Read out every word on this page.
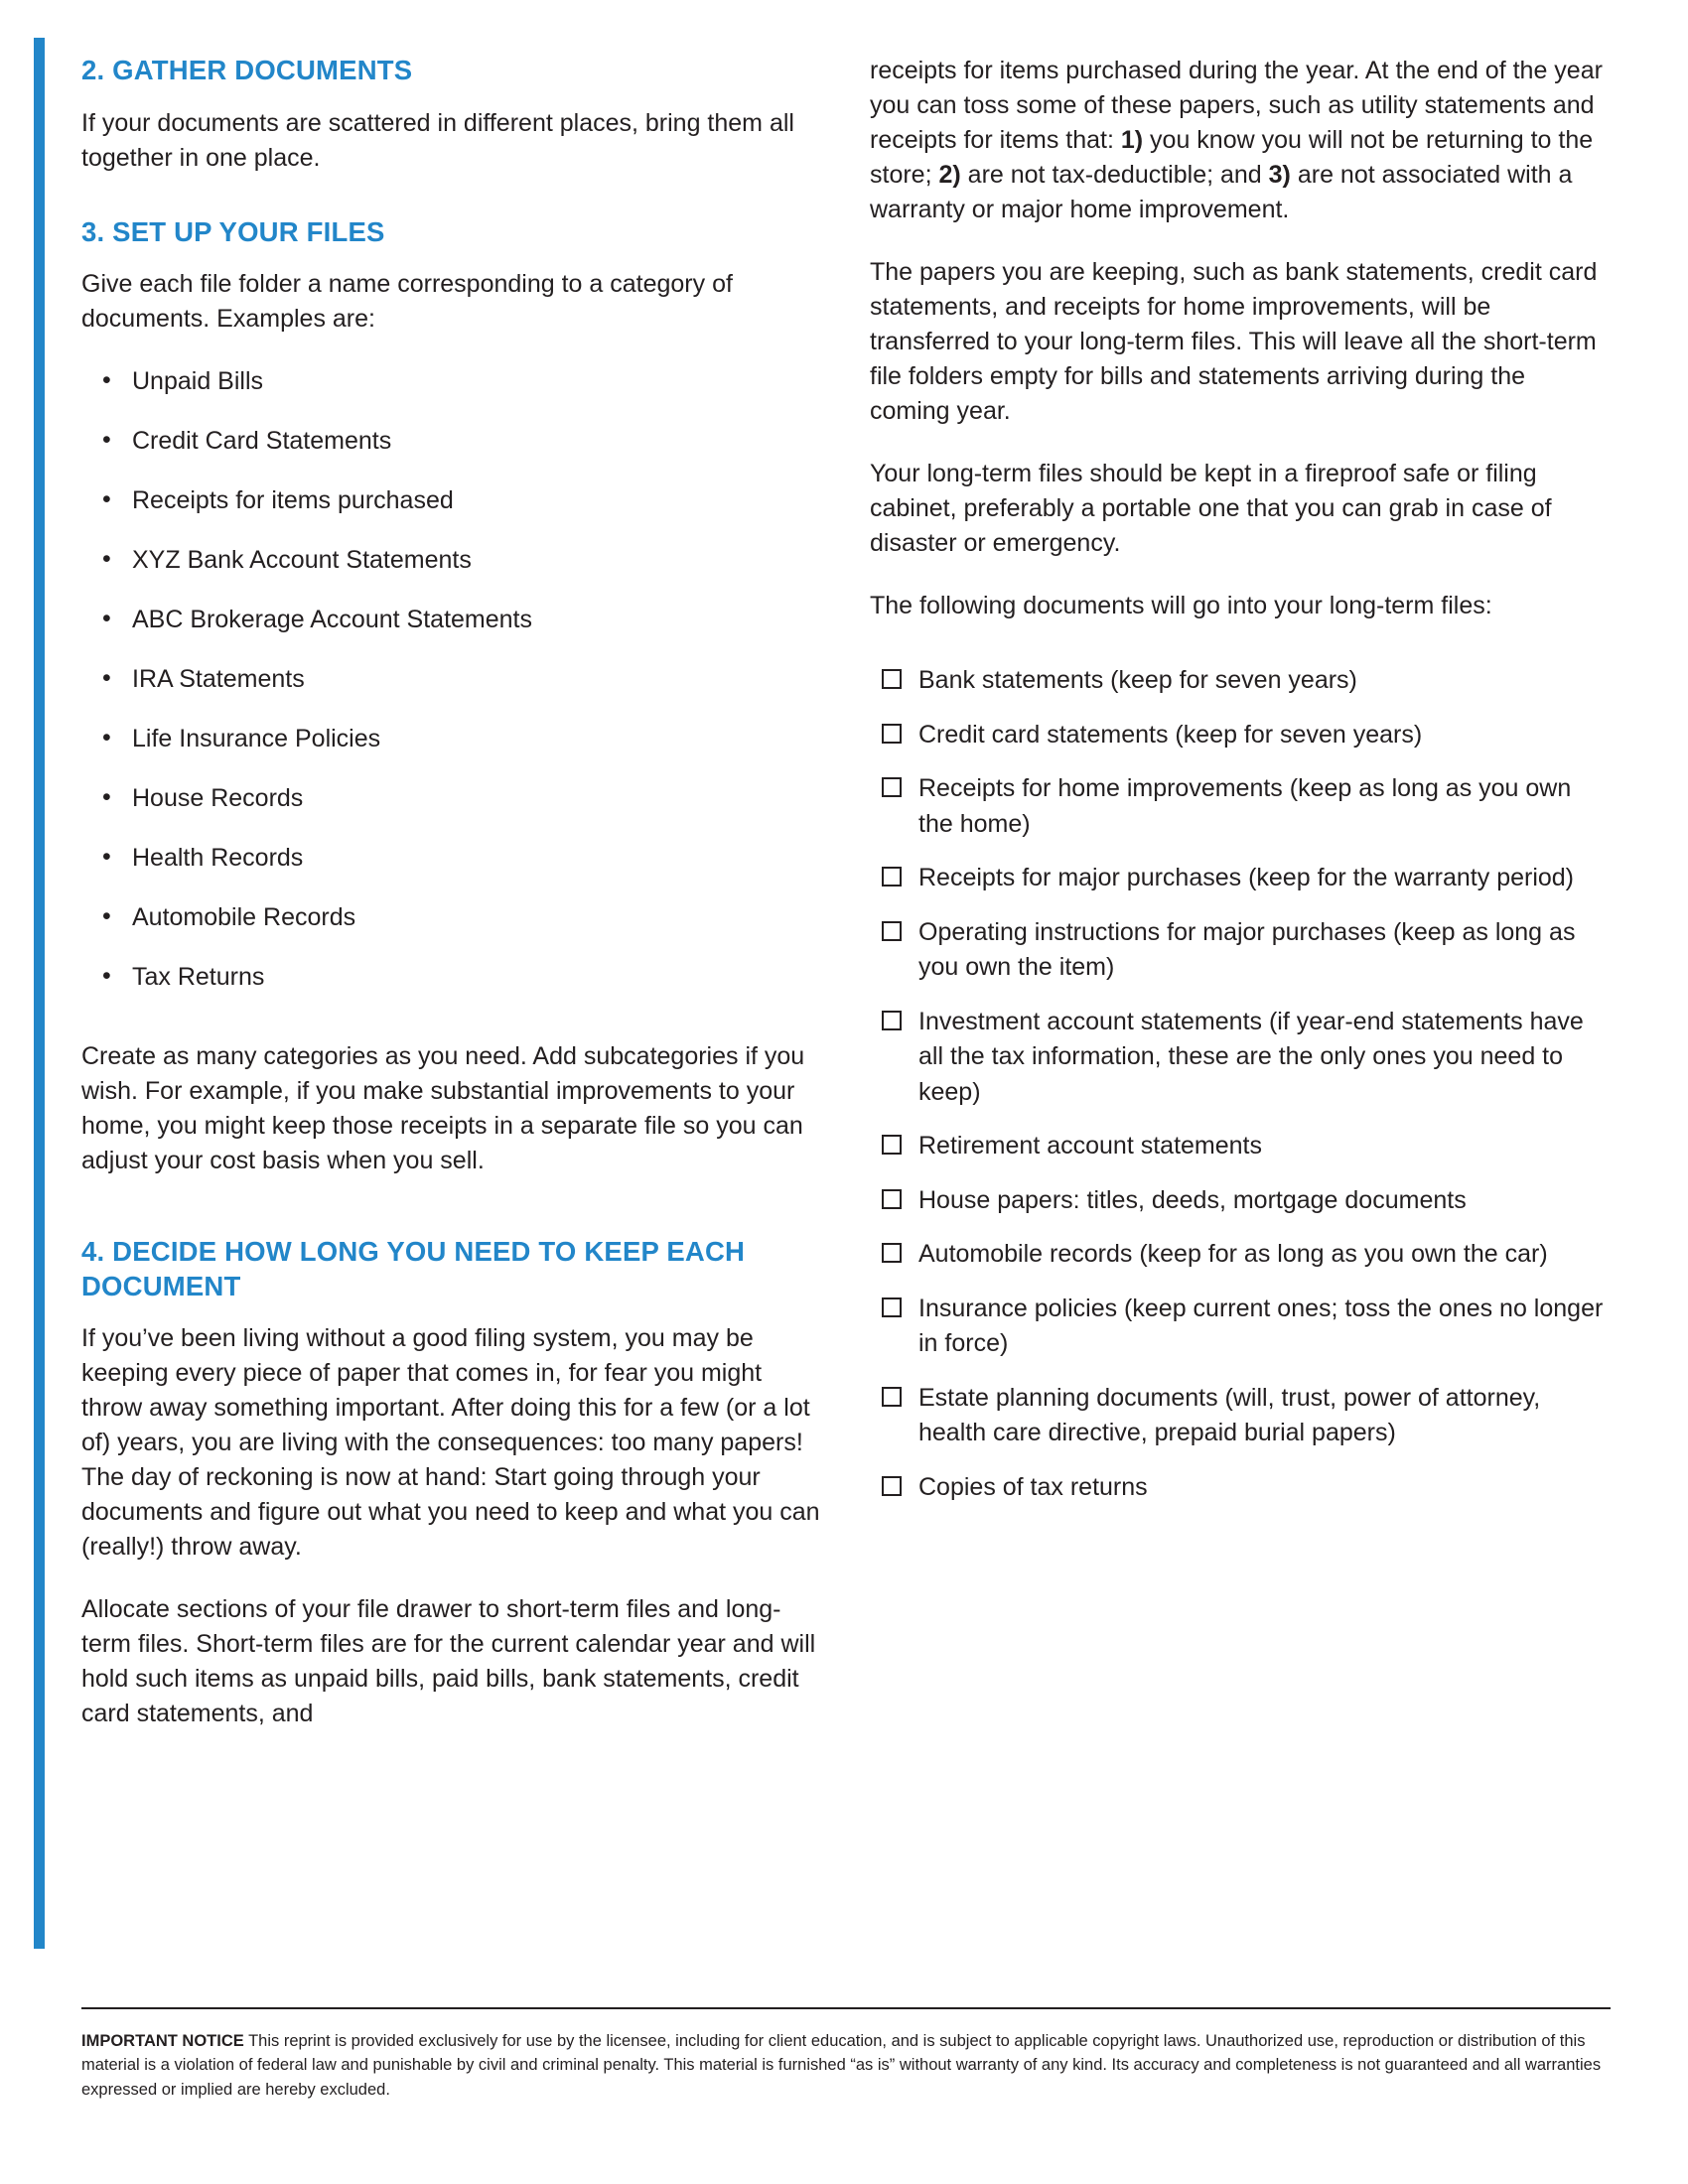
2. GATHER DOCUMENTS

If your documents are scattered in different places, bring them all together in one place.

3. SET UP YOUR FILES

Give each file folder a name corresponding to a category of documents. Examples are:

• Unpaid Bills
• Credit Card Statements
• Receipts for items purchased
• XYZ Bank Account Statements
• ABC Brokerage Account Statements
• IRA Statements
• Life Insurance Policies
• House Records
• Health Records
• Automobile Records
• Tax Returns

Create as many categories as you need. Add subcategories if you wish. For example, if you make substantial improvements to your home, you might keep those receipts in a separate file so you can adjust your cost basis when you sell.

4. DECIDE HOW LONG YOU NEED TO KEEP EACH DOCUMENT

If you’ve been living without a good filing system, you may be keeping every piece of paper that comes in, for fear you might throw away something important. After doing this for a few (or a lot of) years, you are living with the consequences: too many papers! The day of reckoning is now at hand: Start going through your documents and figure out what you need to keep and what you can (really!) throw away.

Allocate sections of your file drawer to short-term files and long-term files. Short-term files are for the current calendar year and will hold such items as unpaid bills, paid bills, bank statements, credit card statements, and

receipts for items purchased during the year. At the end of the year you can toss some of these papers, such as utility statements and receipts for items that: 1) you know you will not be returning to the store; 2) are not tax-deductible; and 3) are not associated with a warranty or major home improvement.

The papers you are keeping, such as bank statements, credit card statements, and receipts for home improvements, will be transferred to your long-term files. This will leave all the short-term file folders empty for bills and statements arriving during the coming year.

Your long-term files should be kept in a fireproof safe or filing cabinet, preferably a portable one that you can grab in case of disaster or emergency.

The following documents will go into your long-term files:

Bank statements (keep for seven years)
Credit card statements (keep for seven years)
Receipts for home improvements (keep as long as you own the home)
Receipts for major purchases (keep for the warranty period)
Operating instructions for major purchases (keep as long as you own the item)
Investment account statements (if year-end statements have all the tax information, these are the only ones you need to keep)
Retirement account statements
House papers: titles, deeds, mortgage documents
Automobile records (keep for as long as you own the car)
Insurance policies (keep current ones; toss the ones no longer in force)
Estate planning documents (will, trust, power of attorney, health care directive, prepaid burial papers)
Copies of tax returns

IMPORTANT NOTICE This reprint is provided exclusively for use by the licensee, including for client education, and is subject to applicable copyright laws. Unauthorized use, reproduction or distribution of this material is a violation of federal law and punishable by civil and criminal penalty. This material is furnished “as is” without warranty of any kind. Its accuracy and completeness is not guaranteed and all warranties expressed or implied are hereby excluded.
